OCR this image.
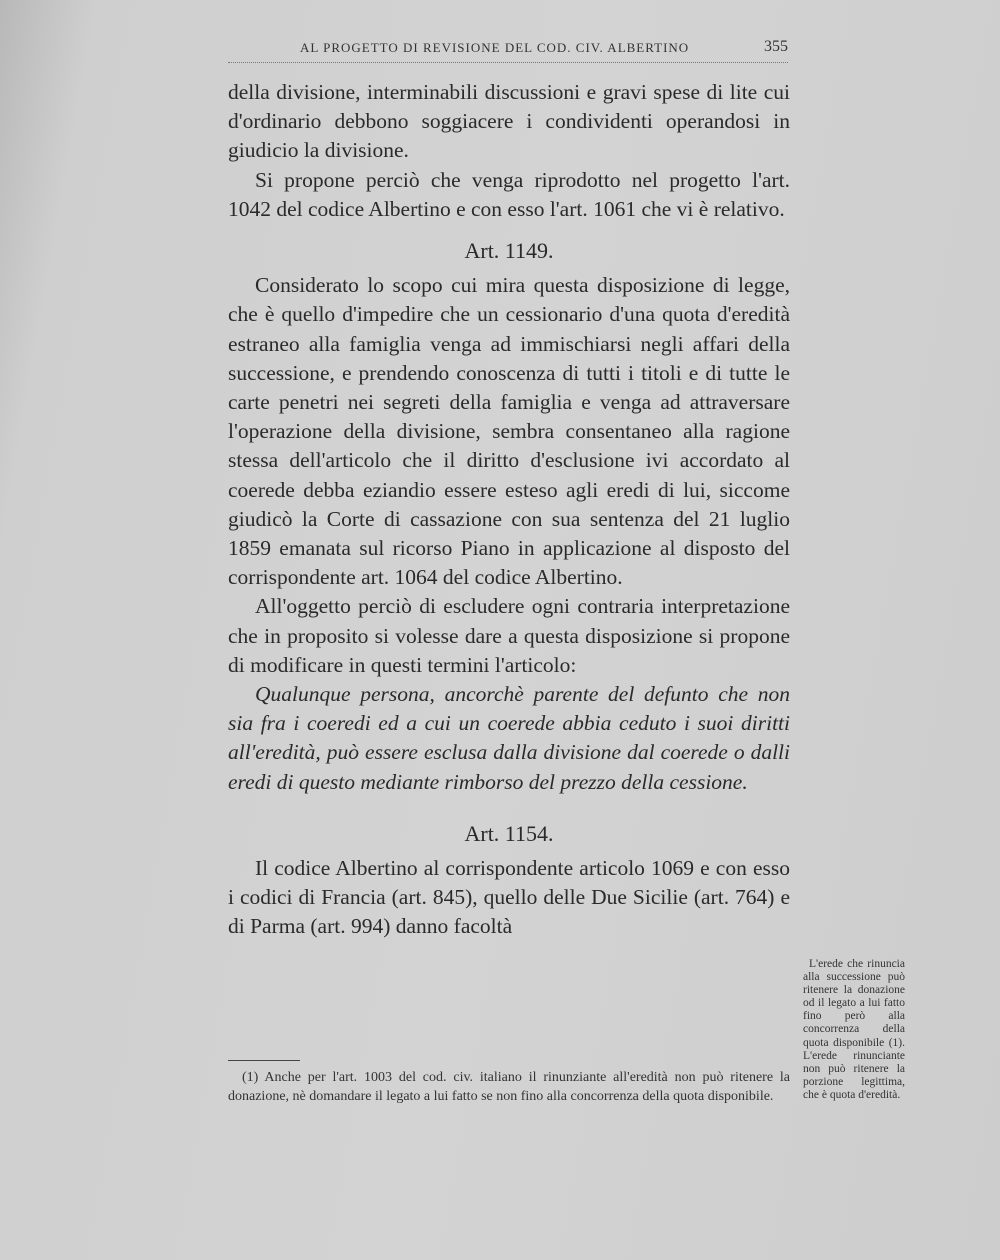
AL PROGETTO DI REVISIONE DEL COD. CIV. ALBERTINO	355

della divisione, interminabili discussioni e gravi spese di lite cui d'ordinario debbono soggiacere i condividenti operandosi in giudicio la divisione.

Si propone perciò che venga riprodotto nel progetto l'art. 1042 del codice Albertino e con esso l'art. 1061 che vi è relativo.

Art. 1149.

Considerato lo scopo cui mira questa disposizione di legge, che è quello d'impedire che un cessionario d'una quota d'eredità estraneo alla famiglia venga ad immischiarsi negli affari della successione, e prendendo conoscenza di tutti i titoli e di tutte le carte penetri nei segreti della famiglia e venga ad attraversare l'operazione della divisione, sembra consentaneo alla ragione stessa dell'articolo che il diritto d'esclusione ivi accordato al coerede debba eziandio essere esteso agli eredi di lui, siccome giudicò la Corte di cassazione con sua sentenza del 21 luglio 1859 emanata sul ricorso Piano in applicazione al disposto del corrispondente art. 1064 del codice Albertino.

All'oggetto perciò di escludere ogni contraria interpretazione che in proposito si volesse dare a questa disposizione si propone di modificare in questi termini l'articolo:

Qualunque persona, ancorchè parente del defunto che non sia fra i coeredi ed a cui un coerede abbia ceduto i suoi diritti all'eredità, può essere esclusa dalla divisione dal coerede o dalli eredi di questo mediante rimborso del prezzo della cessione.

Art. 1154.

Il codice Albertino al corrispondente articolo 1069 e con esso i codici di Francia (art. 845), quello delle Due Sicilie (art. 764) e di Parma (art. 994) danno facoltà

(1) Anche per l'art. 1003 del cod. civ. italiano il rinunziante all'eredità non può ritenere la donazione, nè domandare il legato a lui fatto se non fino alla concorrenza della quota disponibile.

L'erede che rinuncia alla successione può ritenere la donazione od il legato a lui fatto fino però alla concorrenza della quota disponibile (1). L'erede rinunciante non può ritenere la porzione legittima, che è quota d'eredità.
